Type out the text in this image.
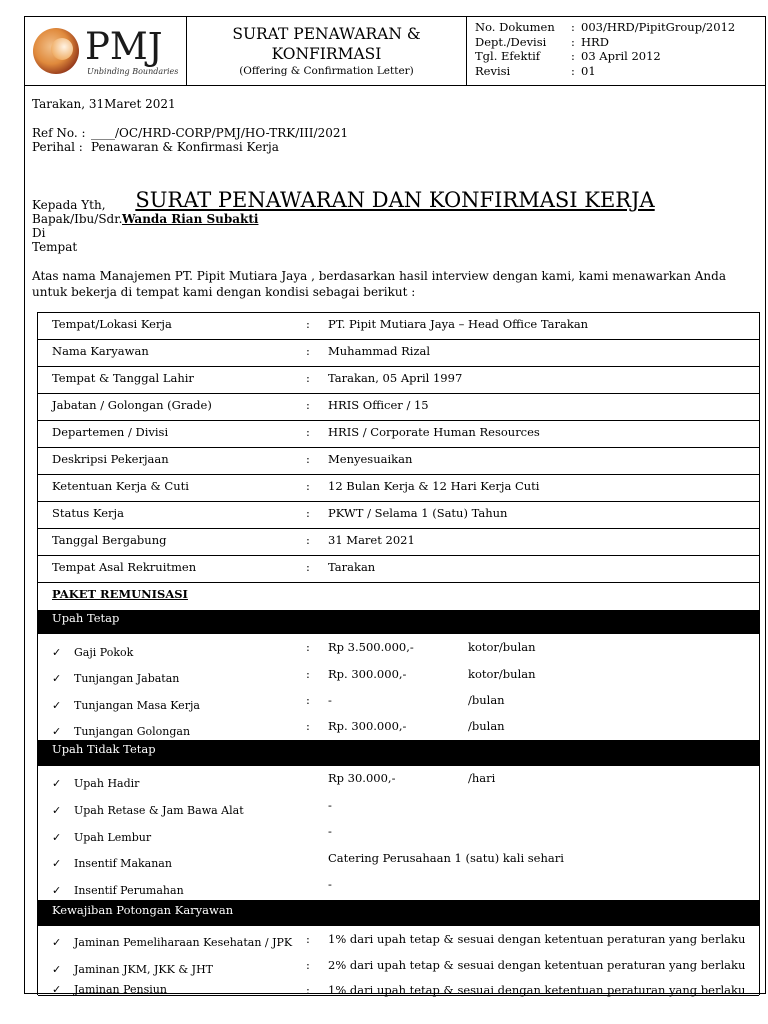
PMJ
Unbinding Boundaries
SURAT PENAWARAN &
KONFIRMASI
(Offering & Confirmation Letter)
No. Dokumen : 003/HRD/PipitGroup/2012
Dept./Devisi : HRD
Tgl. Efektif	: 03 April 2012
Revisi	: 01
Tarakan, 31Maret 2021
Ref No. : ____/OC/HRD-CORP/PMJ/HO-TRK/III/2021
Perihal : Penawaran & Konfirmasi Kerja
SURAT PENAWARAN DAN KONFIRMASI KERJA
Kepada Yth,
Bapak/Ibu/Sdr. Wanda Rian Subakti
Di
Tempat
Atas nama Manajemen PT. Pipit Mutiara Jaya , berdasarkan hasil interview dengan kami, kami menawarkan Anda untuk bekerja di tempat kami dengan kondisi sebagai berikut :
Tempat/Lokasi Kerja	: PT. Pipit Mutiara Jaya – Head Office Tarakan
Nama Karyawan	: Muhammad Rizal
Tempat & Tanggal Lahir	: Tarakan, 05 April 1997
Jabatan / Golongan (Grade)	: HRIS Officer / 15
Departemen / Divisi	: HRIS / Corporate Human Resources
Deskripsi Pekerjaan	: Menyesuaikan
Ketentuan Kerja & Cuti	: 12 Bulan Kerja & 12 Hari Kerja Cuti
Status Kerja	: PKWT / Selama 1 (Satu) Tahun
Tanggal Bergabung	: 31 Maret 2021
Tempat Asal Rekruitmen	: Tarakan
PAKET REMUNISASI
Upah Tetap
✓ Gaji Pokok	: Rp 3.500.000,-	kotor/bulan
✓ Tunjangan Jabatan	: Rp. 300.000,-	kotor/bulan
✓ Tunjangan Masa Kerja	: -	/bulan
✓ Tunjangan Golongan	: Rp. 300.000,-	/bulan
Upah Tidak Tetap
✓ Upah Hadir	Rp 30.000,-	/hari
✓ Upah Retase & Jam Bawa Alat	-
✓ Upah Lembur	-
✓ Insentif Makanan	Catering Perusahaan 1 (satu) kali sehari
✓ Insentif Perumahan	-
Kewajiban Potongan Karyawan
✓ Jaminan Pemeliharaan Kesehatan / JPK : 1% dari upah tetap & sesuai dengan ketentuan peraturan yang berlaku
✓ Jaminan JKM, JKK & JHT	: 2% dari upah tetap & sesuai dengan ketentuan peraturan yang berlaku
✓ Jaminan Pensiun	: 1% dari upah tetap & sesuai dengan ketentuan peraturan yang berlaku
